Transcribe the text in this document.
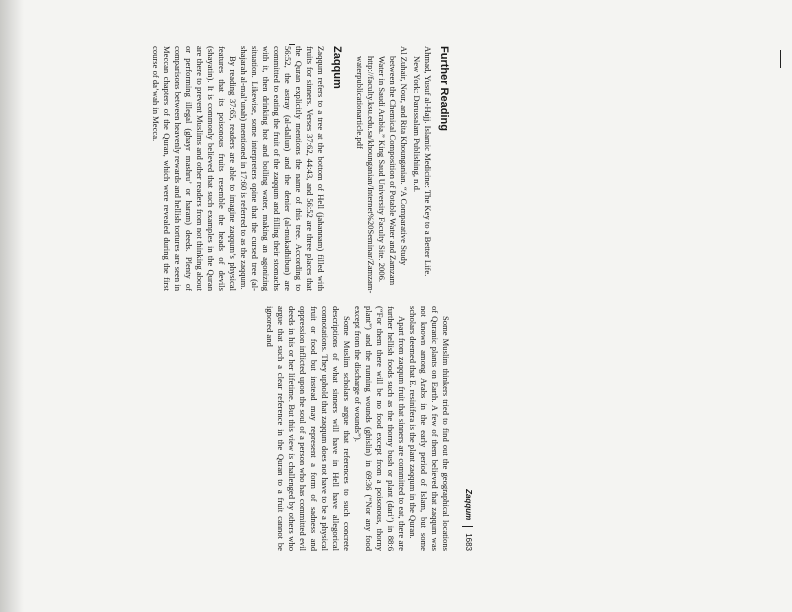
Zaqqum
1683
Further Reading
Ahmad, Yusuf al-Hajj. Islamic Medicine: The Key to a Better Life. New York: Darussalam Publishing, n.d.
Al Zuhair, Nour, and Rita Khounganian. “A Comparative Study between the Chemical Composition of Potable Water and Zamzam Water in Saudi Arabia.” King Saud University Faculty Site. 2006. http://faculty.ksu.edu.sa/khounganian/Internet%20Seminar/Zamzam-waterpublicationarticle.pdf
Zaqqum

Zaqqum refers to a tree at the bottom of Hell (jahannam) filled with fruits for sinners. Verses 37:62, 44:43, and 56:52 are three places that the Quran explicitly mentions the name of this tree. According to 56:52, the astray (al-dallun) and the denier (al-mukadhibun) are committed to eating the fruit of the zaqqum and filling their stomachs with it, then drinking hot and boiling water, making an agonizing situation. Likewise, some interpreters opine that the cursed tree (al-shajarah al-mal’unah) mentioned in 17:60 is referred to as the zaqqum.

By reading 37:65, readers are able to imagine zaqqum’s physical features that its poisonous fruits resemble the heads of devils (shayatin). It is commonly believed that such examples in the Quran are there to prevent Muslims and other readers from not thinking about or performing illegal (ghayr mashru’ or haram) deeds. Plenty of comparisons between heavenly rewards and hellish tortures are seen in Meccan chapters of the Quran, which were revealed during the first course of da’wah in Mecca.

Some Muslim thinkers tried to find out the geographical locations of Quranic plants on Earth. A few of them believed that zaqqum was not known among Arabs in the early period of Islam, but some scholars deemed that E. resinifera is the plant zaqqum in the Quran.

Apart from zaqqum fruit that sinners are committed to eat, there are further hellish foods such as the thorny bush or plant (dari’) in 88:6 (“For them there will be no food except from a poisonous, thorny plant”) and the running wounds (ghislin) in 69:36 (“Nor any food except from the discharge of wounds”).

Some Muslim scholars argue that references to such concrete descriptions of what sinners will have in Hell have allegorical connotations. They uphold that zaqqum does not have to be a physical fruit or food but instead may represent a form of sadness and oppression inflicted upon the soul of a person who has committed evil deeds in his or her lifetime. But this view is challenged by others who argue that such a clear reference in the Quran to a fruit cannot be ignored and
